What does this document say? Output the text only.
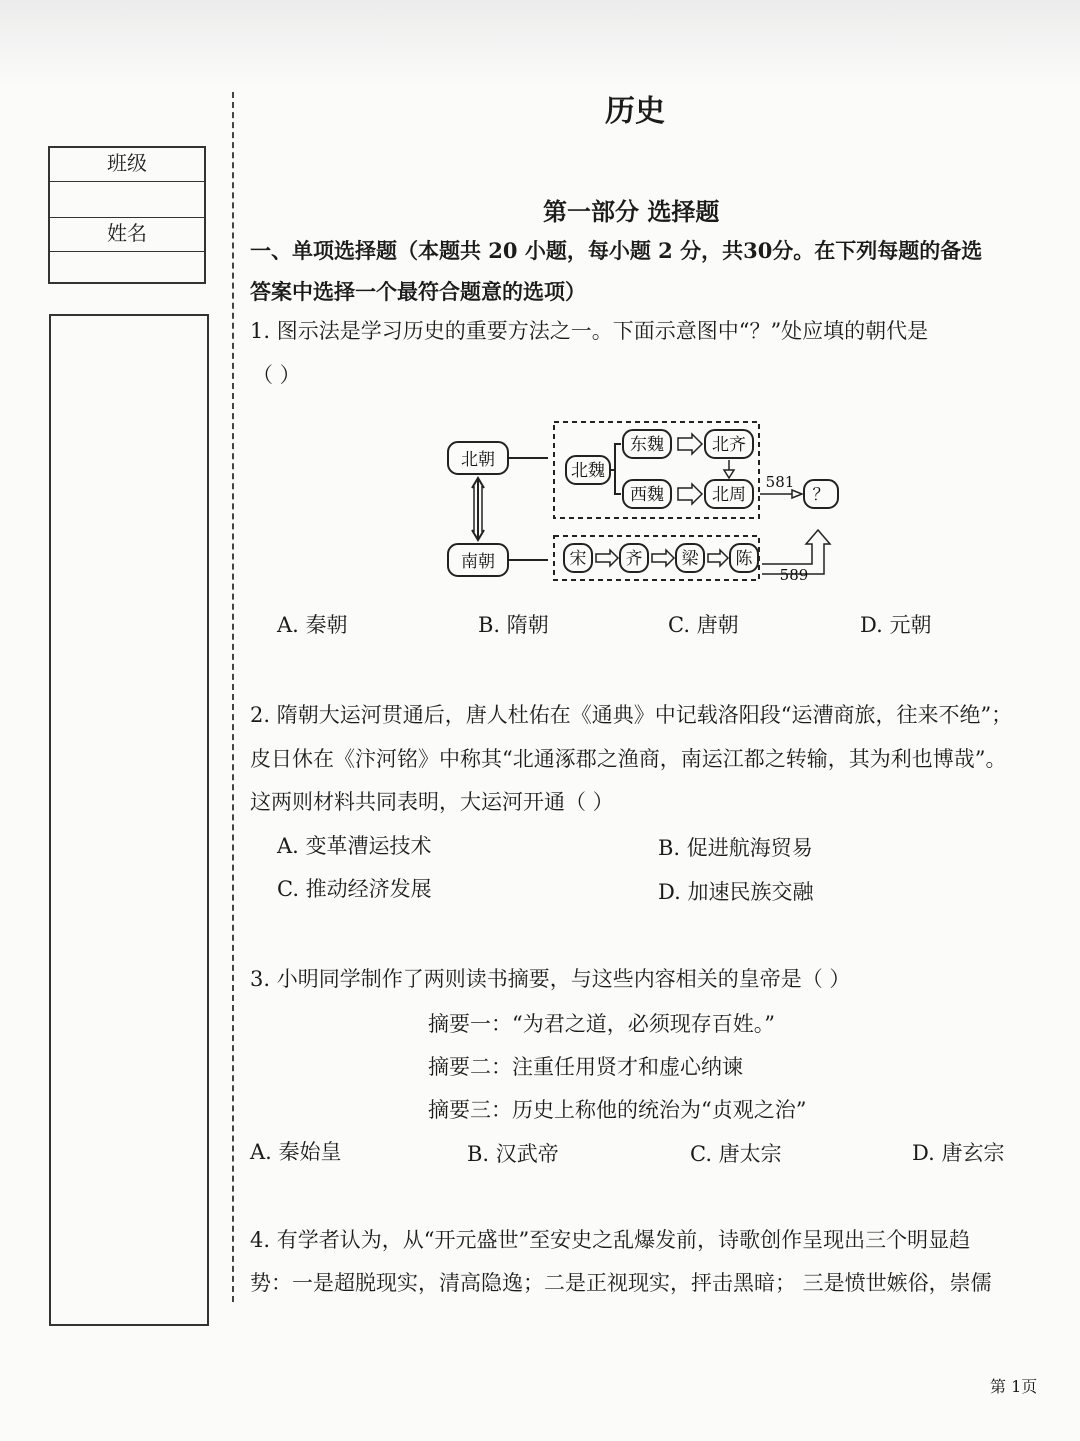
班级
姓名
历史
第一部分 选择题
一、单项选择题（本题共 20 小题，每小题 2 分，共30分。在下列每题的备选
答案中选择一个最符合题意的选项）
1. 图示法是学习历史的重要方法之一。下面示意图中“？”处应填的朝代是
（ ）
北朝
南朝
北魏
东魏	北齐
西魏	北周	？
宋 齐 梁 陈
581
589
A. 秦朝	B. 隋朝	C. 唐朝	D. 元朝
2. 隋朝大运河贯通后，唐人杜佑在《通典》中记载洛阳段“运漕商旅，往来不绝”；
皮日休在《汴河铭》中称其“北通涿郡之渔商，南运江都之转输，其为利也博哉”。
这两则材料共同表明，大运河开通（ ）
A. 变革漕运技术	B. 促进航海贸易
C. 推动经济发展	D. 加速民族交融
3. 小明同学制作了两则读书摘要，与这些内容相关的皇帝是（ ）
摘要一：“为君之道，必须现存百姓。”
摘要二：注重任用贤才和虚心纳谏
摘要三：历史上称他的统治为“贞观之治”
A. 秦始皇	B. 汉武帝	C. 唐太宗	D. 唐玄宗
4. 有学者认为，从“开元盛世”至安史之乱爆发前，诗歌创作呈现出三个明显趋
势：一是超脱现实，清高隐逸；二是正视现实，抨击黑暗； 三是愤世嫉俗，崇儒
第 1页
